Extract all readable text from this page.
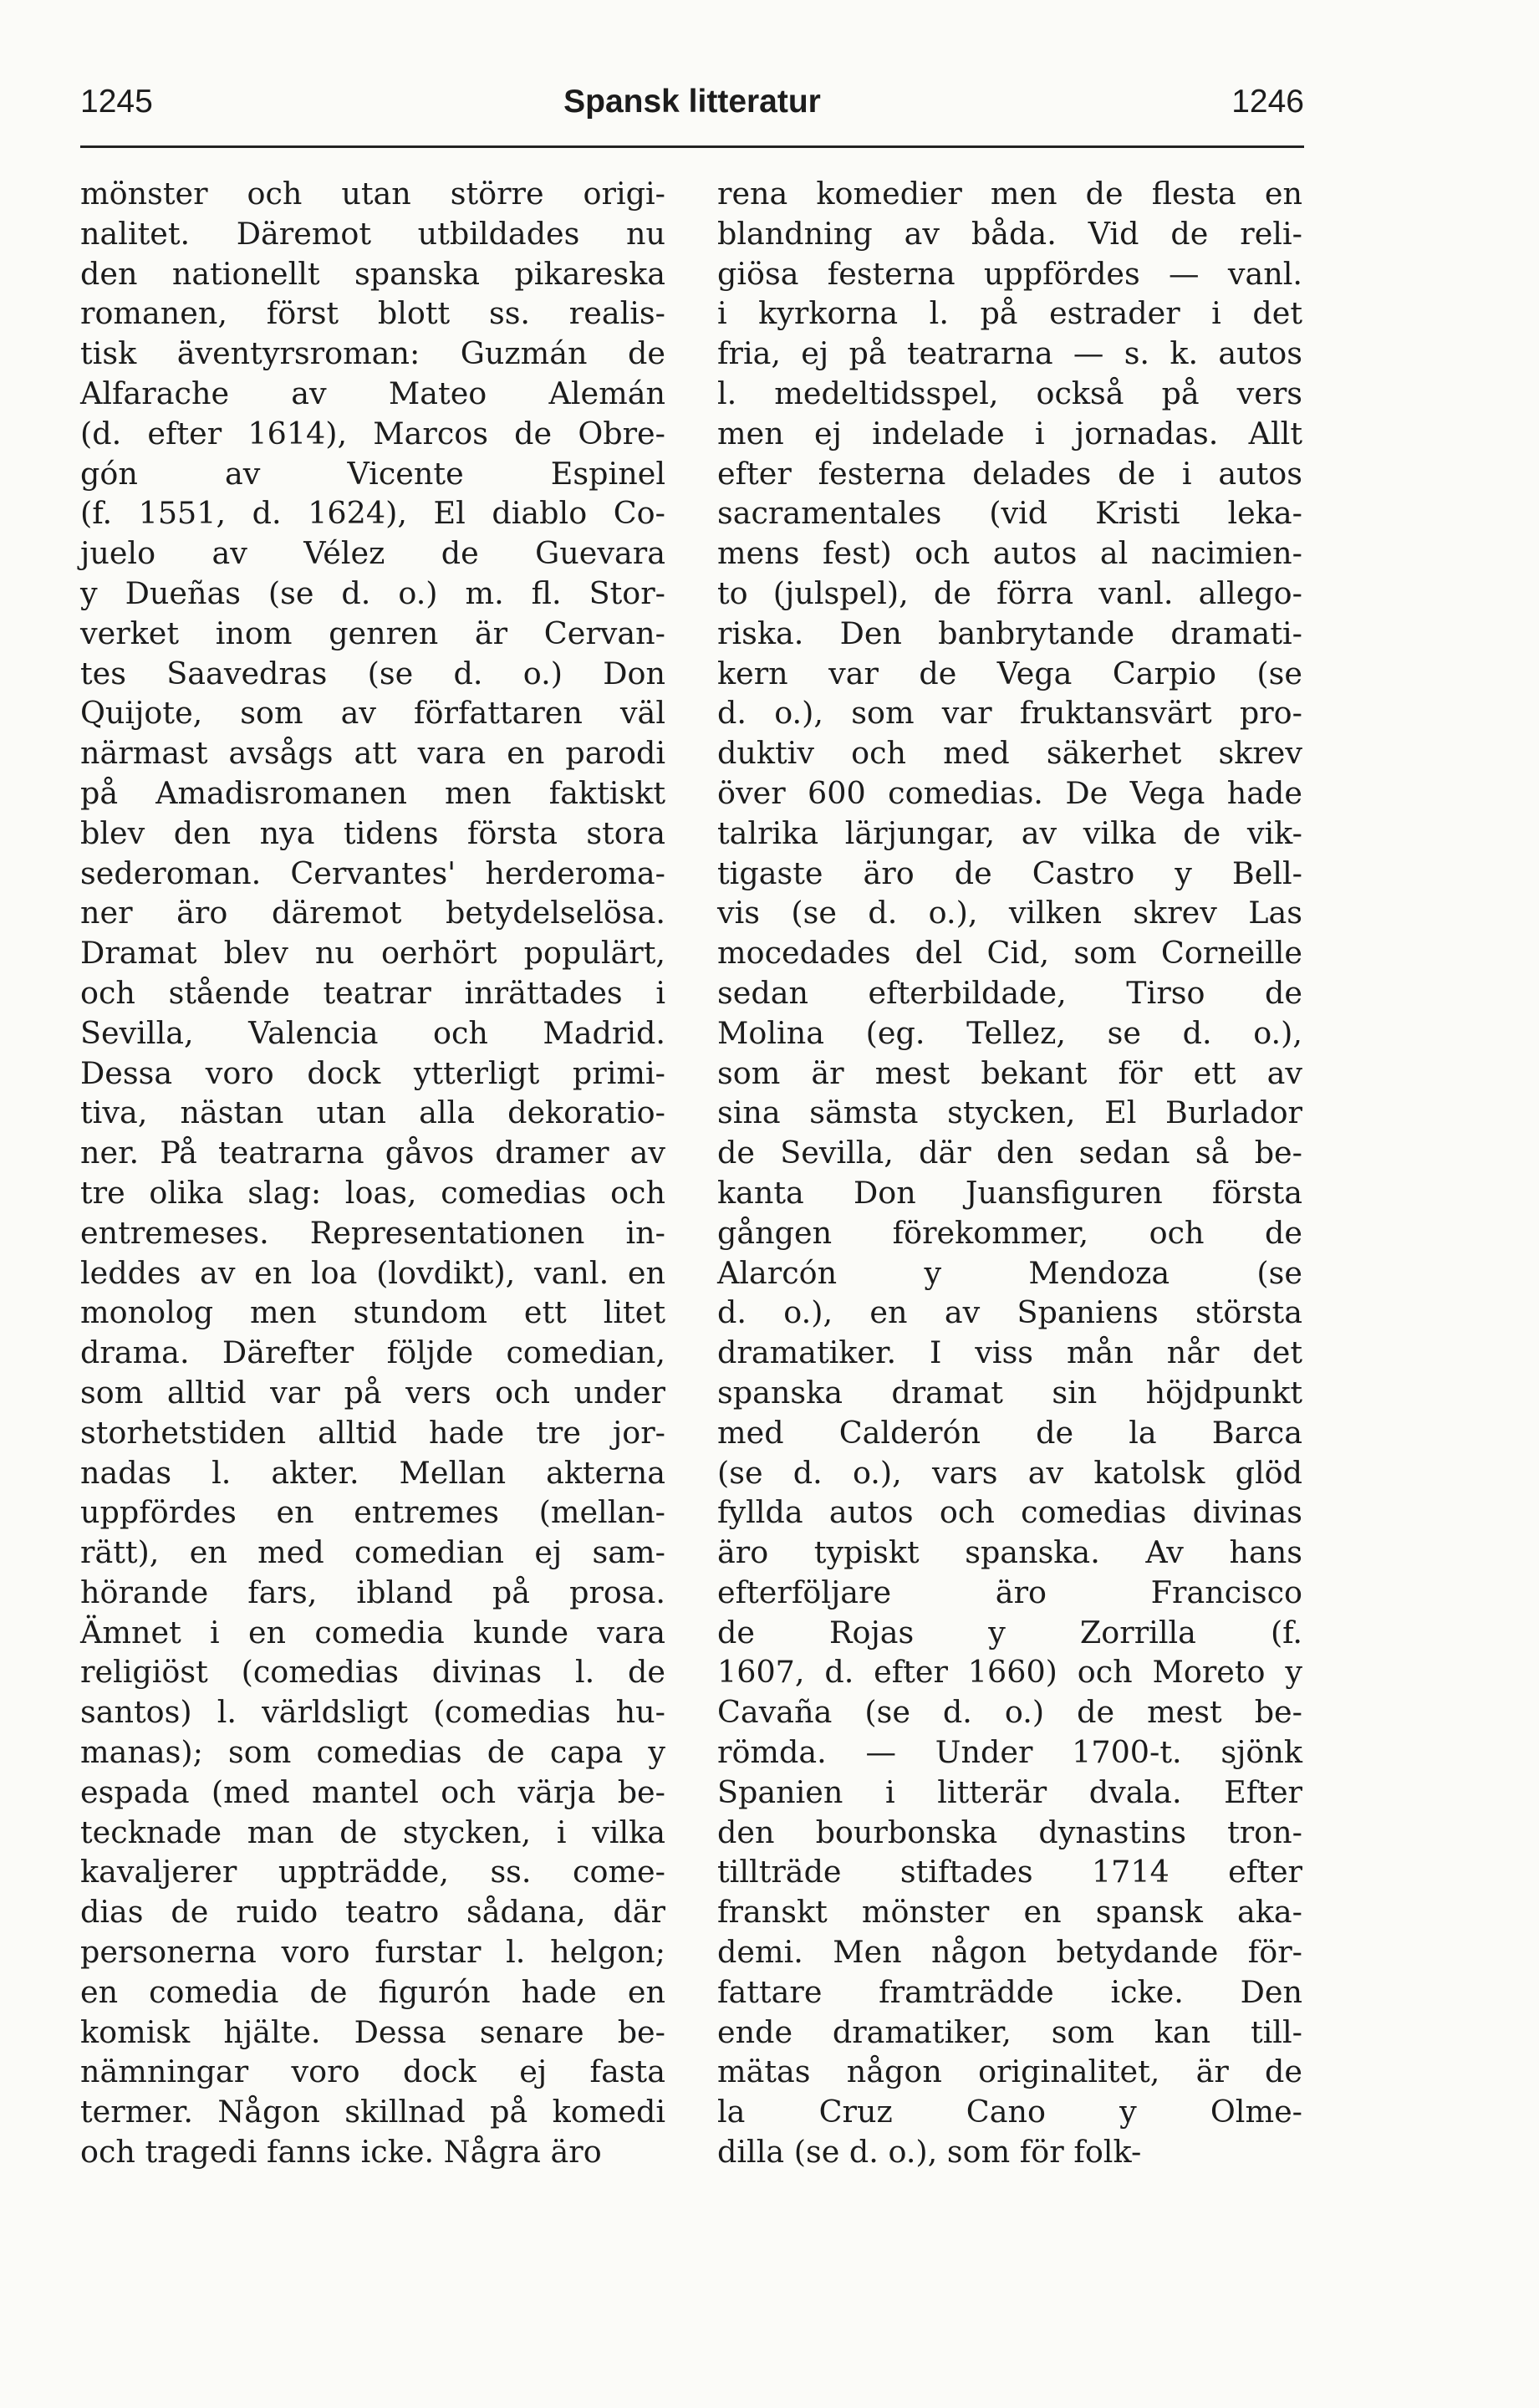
1245	Spansk litteratur	1246
mönster och utan större origi-
nalitet. Däremot utbildades nu
den nationellt spanska pikareska
romanen, först blott ss. realis-
tisk äventyrsroman: Guzmán de
Alfarache av Mateo Alemán
(d. efter 1614), Marcos de Obre-
gón av Vicente Espinel
(f. 1551, d. 1624), El diablo Co-
juelo av Vélez de Guevara
y Dueñas (se d. o.) m. fl. Stor-
verket inom genren är Cervan-
tes Saavedras (se d. o.) Don
Quijote, som av författaren väl
närmast avsågs att vara en parodi
på Amadisromanen men faktiskt
blev den nya tidens första stora
sederoman. Cervantes' herderoma-
ner äro däremot betydelselösa.
Dramat blev nu oerhört populärt,
och stående teatrar inrättades i
Sevilla, Valencia och Madrid.
Dessa voro dock ytterligt primi-
tiva, nästan utan alla dekoratio-
ner. På teatrarna gåvos dramer av
tre olika slag: loas, comedias och
entremeses. Representationen in-
leddes av en loa (lovdikt), vanl. en
monolog men stundom ett litet
drama. Därefter följde comedian,
som alltid var på vers och under
storhetstiden alltid hade tre jor-
nadas l. akter. Mellan akterna
uppfördes en entremes (mellan-
rätt), en med comedian ej sam-
hörande fars, ibland på prosa.
Ämnet i en comedia kunde vara
religiöst (comedias divinas l. de
santos) l. världsligt (comedias hu-
manas); som comedias de capa y
espada (med mantel och värja be-
tecknade man de stycken, i vilka
kavaljerer uppträdde, ss. come-
dias de ruido teatro sådana, där
personerna voro furstar l. helgon;
en comedia de figurón hade en
komisk hjälte. Dessa senare be-
nämningar voro dock ej fasta
termer. Någon skillnad på komedi
och tragedi fanns icke. Några äro
rena komedier men de flesta en
blandning av båda. Vid de reli-
giösa festerna uppfördes — vanl.
i kyrkorna l. på estrader i det
fria, ej på teatrarna — s. k. autos
l. medeltidsspel, också på vers
men ej indelade i jornadas. Allt
efter festerna delades de i autos
sacramentales (vid Kristi leka-
mens fest) och autos al nacimien-
to (julspel), de förra vanl. allego-
riska. Den banbrytande dramati-
kern var de Vega Carpio (se
d. o.), som var fruktansvärt pro-
duktiv och med säkerhet skrev
över 600 comedias. De Vega hade
talrika lärjungar, av vilka de vik-
tigaste äro de Castro y Bell-
vis (se d. o.), vilken skrev Las
mocedades del Cid, som Corneille
sedan efterbildade, Tirso de
Molina (eg. Tellez, se d. o.),
som är mest bekant för ett av
sina sämsta stycken, El Burlador
de Sevilla, där den sedan så be-
kanta Don Juansfiguren första
gången förekommer, och de
Alarcón y Mendoza (se
d. o.), en av Spaniens största
dramatiker. I viss mån når det
spanska dramat sin höjdpunkt
med Calderón de la Barca
(se d. o.), vars av katolsk glöd
fyllda autos och comedias divinas
äro typiskt spanska. Av hans
efterföljare äro Francisco
de Rojas y Zorrilla (f.
1607, d. efter 1660) och Moreto y
Cavaña (se d. o.) de mest be-
römda. — Under 1700-t. sjönk
Spanien i litterär dvala. Efter
den bourbonska dynastins tron-
tillträde stiftades 1714 efter
franskt mönster en spansk aka-
demi. Men någon betydande för-
fattare framträdde icke. Den
ende dramatiker, som kan till-
mätas någon originalitet, är de
la Cruz Cano y Olme-
dilla (se d. o.), som för folk-
